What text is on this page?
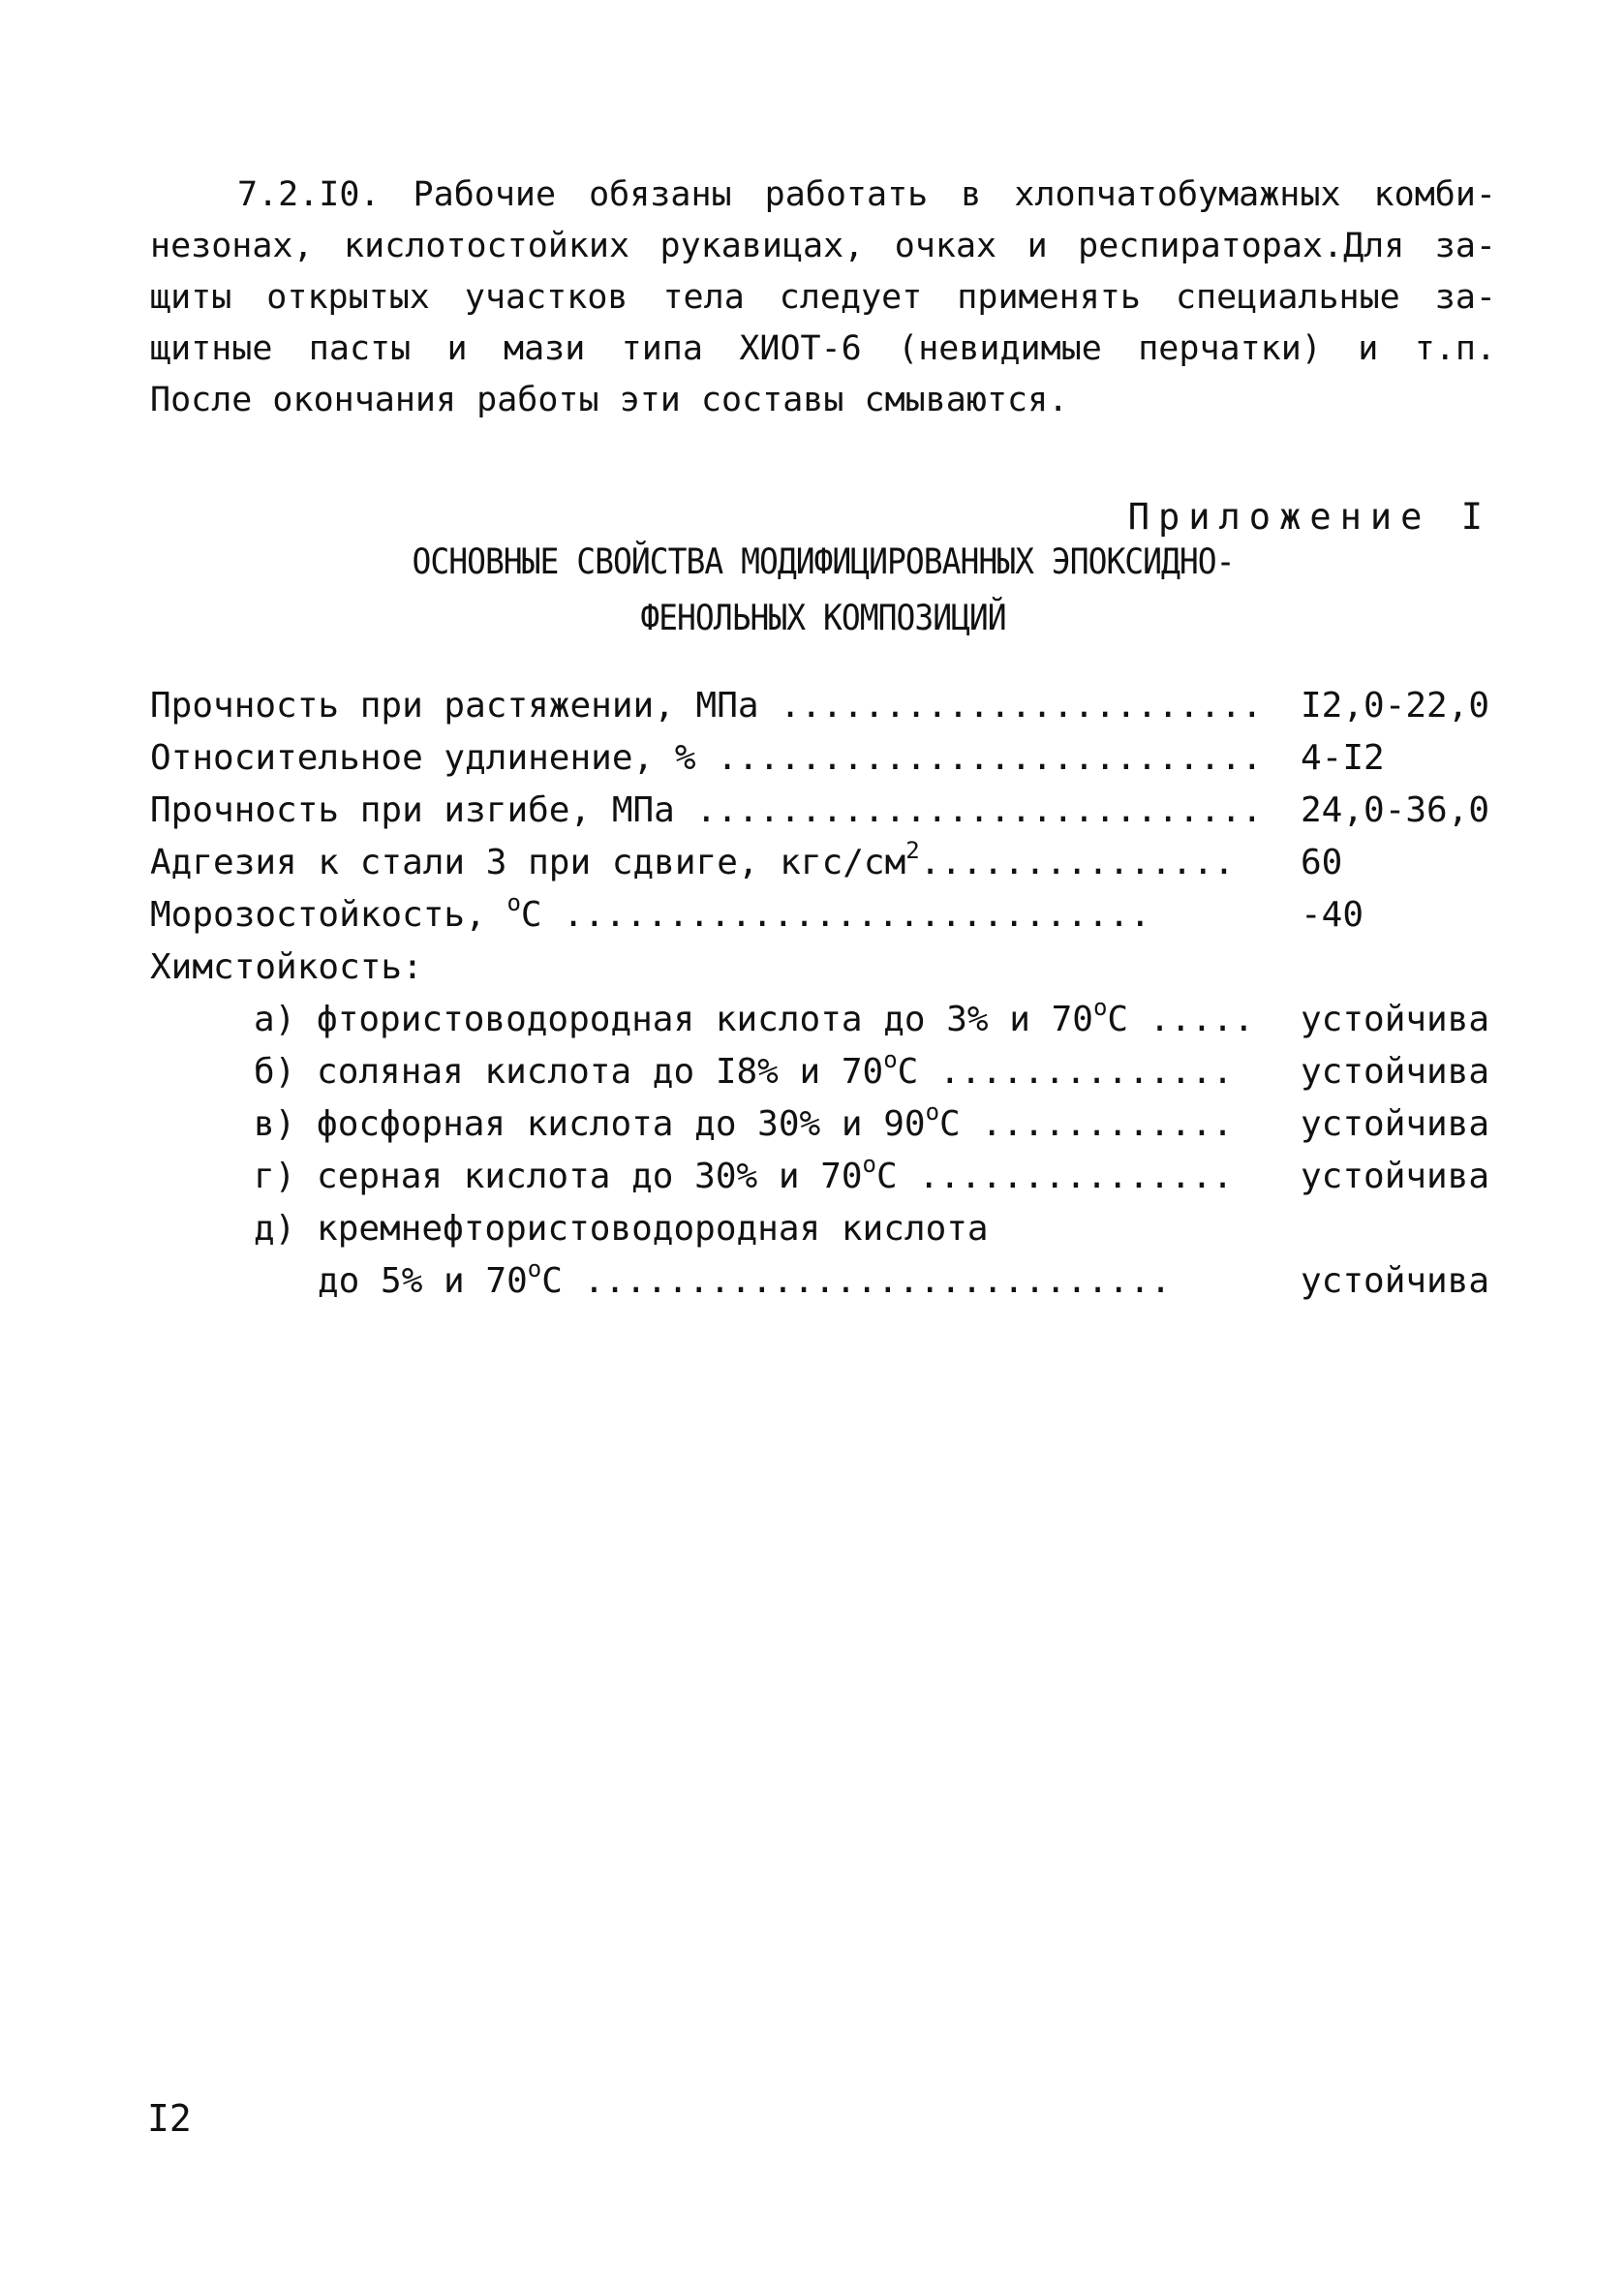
7.2.I0. Рабочие обязаны работать в хлопчатобумажных комби-
незонах, кислотостойких рукавицах, очках и респираторах.Для за-
щиты открытых участков тела следует применять специальные за-
щитные пасты и мази типа ХИОТ-6 (невидимые перчатки) и т.п.
После окончания работы эти составы смываются.
Приложение I
ОСНОВНЫЕ СВОЙСТВА МОДИФИЦИРОВАННЫХ ЭПОКСИДНО-
ФЕНОЛЬНЫХ КОМПОЗИЦИЙ
Прочность при растяжении, МПа ....................... I2,0-22,0
Относительное удлинение, % .......................... 4-I2
Прочность при изгибе, МПа ........................... 24,0-36,0
Адгезия к стали 3 при сдвиге, кгс/$см^2$............... 60
Морозостойкость, $^о$С ............................	-40
Химстойкость:
а) фтористоводородная кислота до 3% и $70^оС$ ..... устойчива
б) соляная кислота до I8% и $70^оС$ .............. устойчива
в) фосфорная кислота до 30% и $90^оС$ ............ устойчива
г) серная кислота до 30% и $70^оС$ ............... устойчива
д) кремнефтористоводородная кислота
до 5% и $70^оС$ ............................	устойчива
I2
